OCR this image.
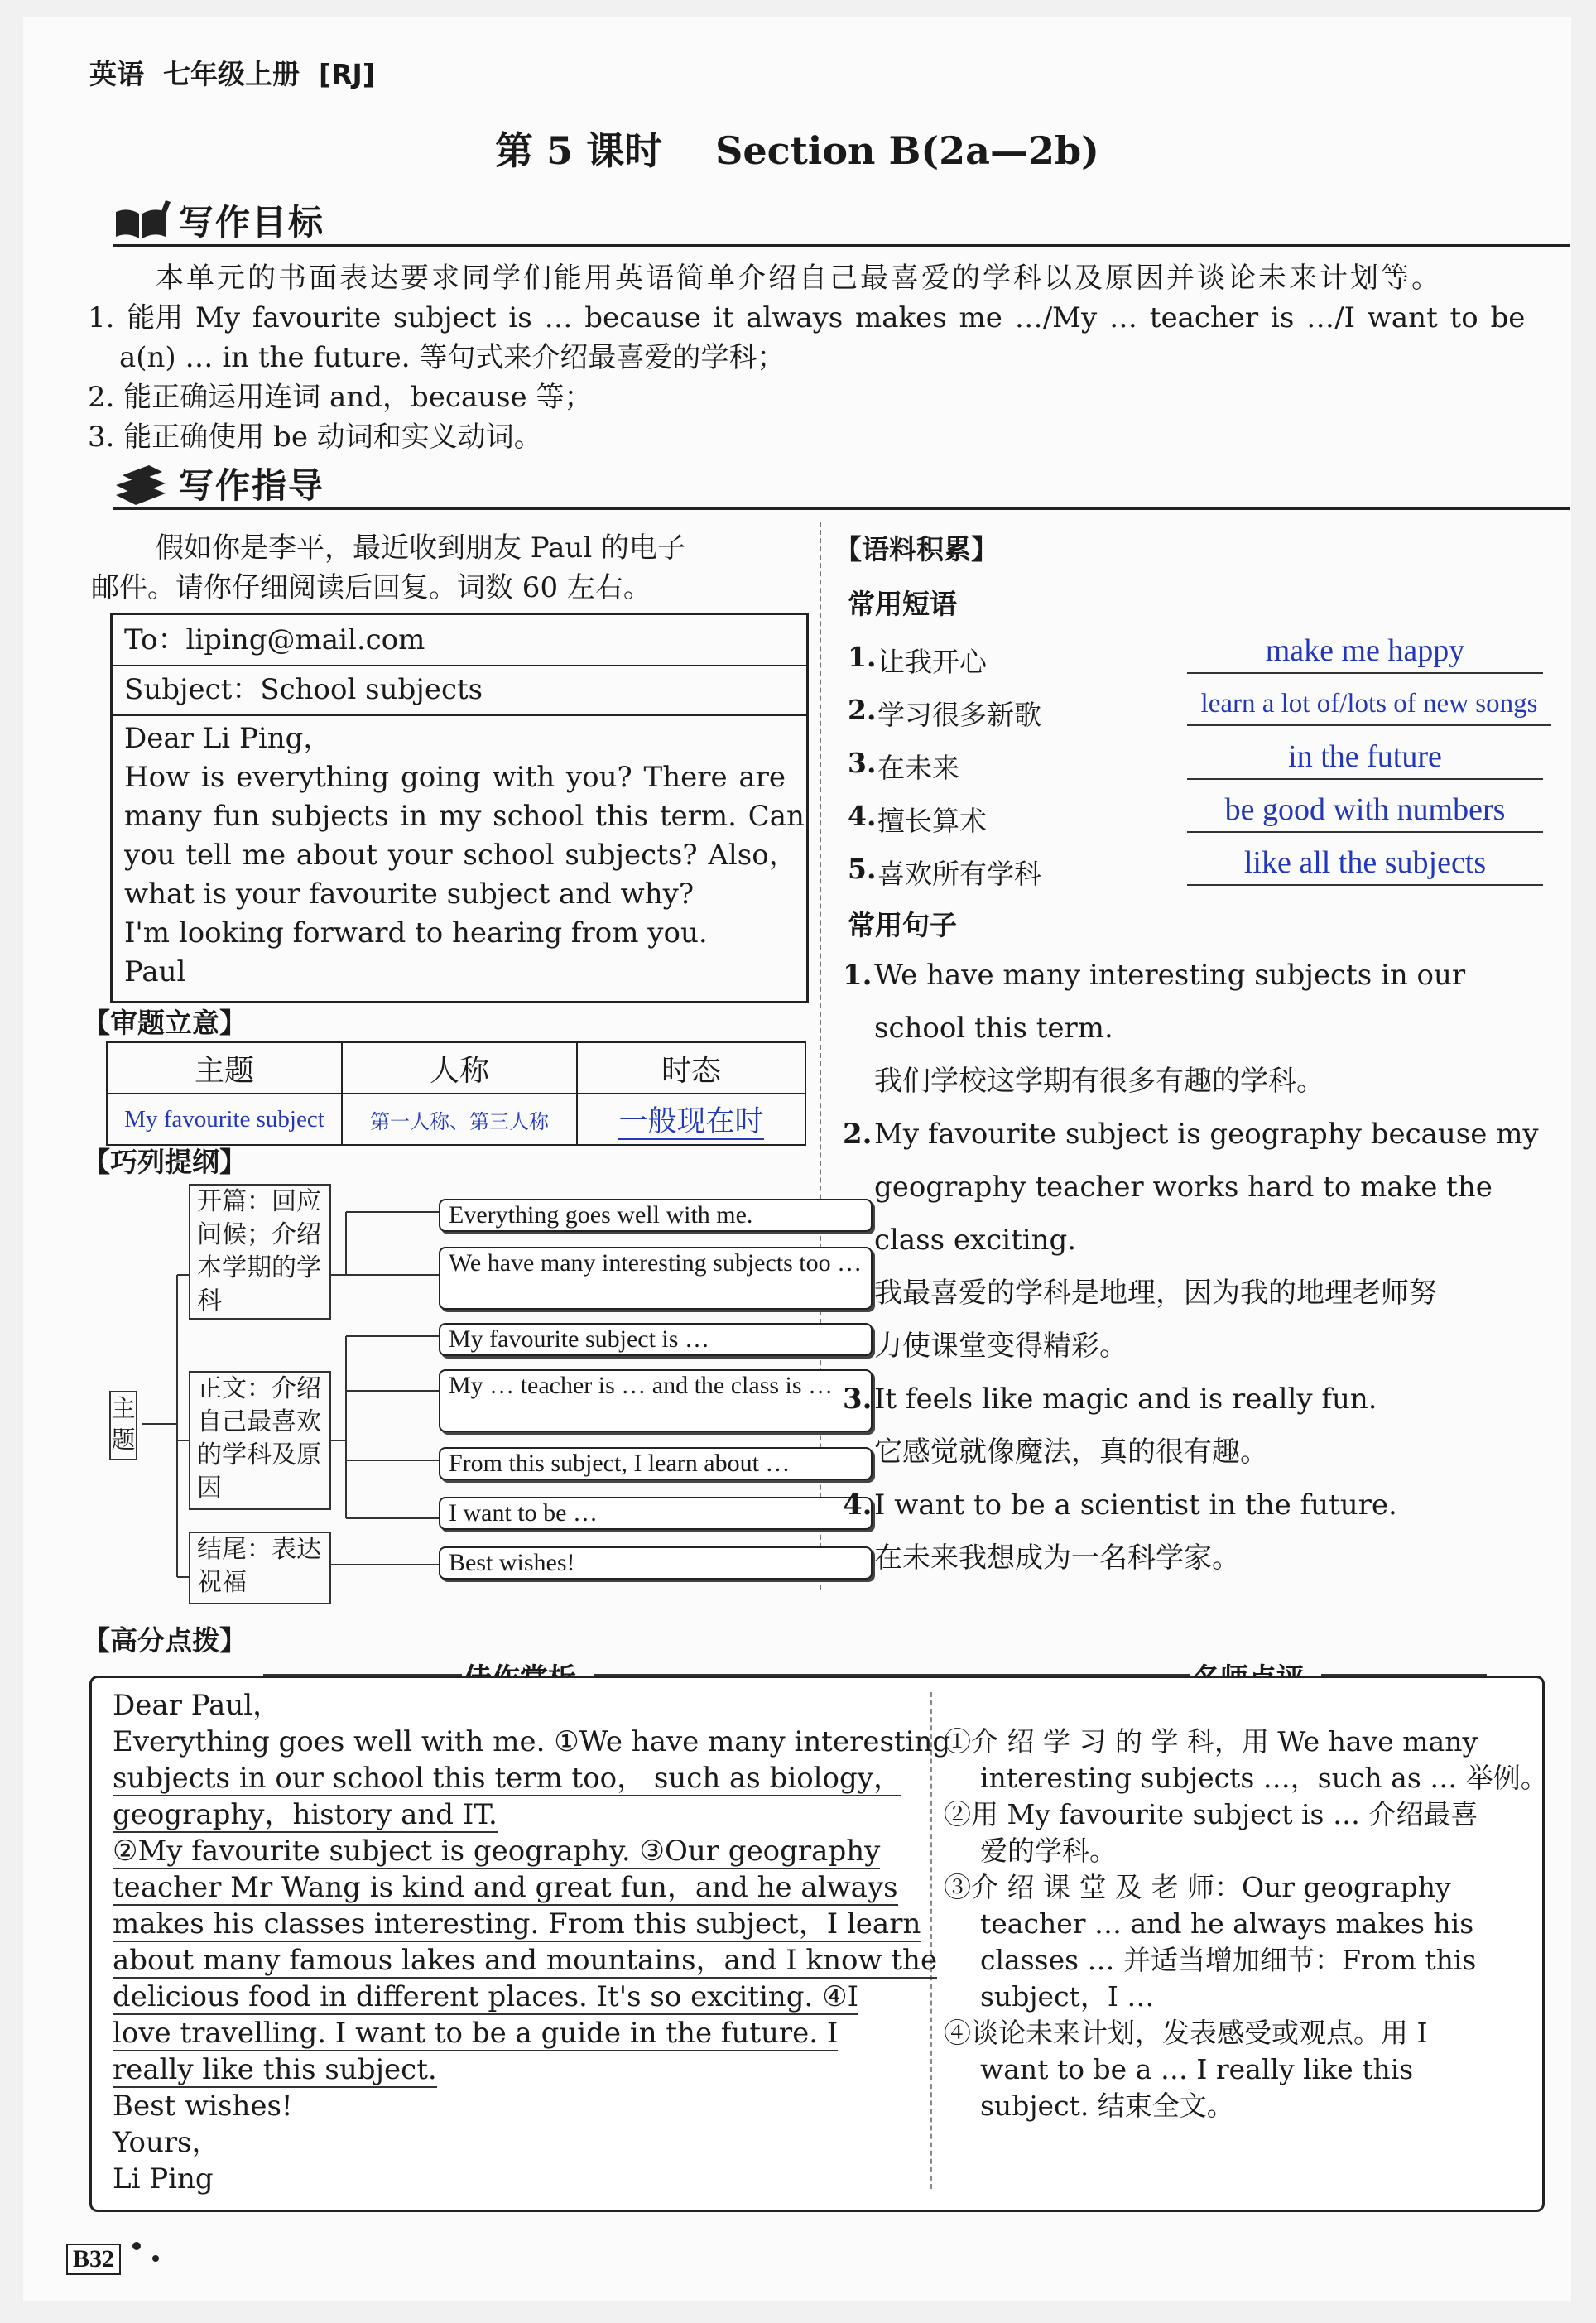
英语  七年级上册  [RJ]
第 5 课时    Section B(2a—2b)
写作目标
本单元的书面表达要求同学们能用英语简单介绍自己最喜爱的学科以及原因并谈论未来计划等。
1. 能用 My favourite subject is … because it always makes me …/My … teacher is …/I want to be
a(n) … in the future. 等句式来介绍最喜爱的学科；
2. 能正确运用连词 and，because 等；
3. 能正确使用 be 动词和实义动词。
写作指导
假如你是李平，最近收到朋友 Paul 的电子
邮件。请你仔细阅读后回复。词数 60 左右。
To：liping@mail.com
Subject：School subjects
Dear Li Ping，
How is everything going with you? There are
many fun subjects in my school this term. Can
you tell me about your school subjects? Also，
what is your favourite subject and why?
I'm looking forward to hearing from you.
Paul
【审题立意】
主题	人称	时态
My favourite subject	第一人称、第三人称	一般现在时
【巧列提纲】
主题
开篇：回应问候；介绍本学期的学科
正文：介绍自己最喜欢的学科及原因
结尾：表达祝福
Everything goes well with me.
We have many interesting subjects too …
My favourite subject is …
My … teacher is … and the class is …
From this subject, I learn about …
I want to be …
Best wishes!
【语料积累】
常用短语
1. 让我开心	make me happy
2. 学习很多新歌	learn a lot of/lots of new songs
3. 在未来	in the future
4. 擅长算术	be good with numbers
5. 喜欢所有学科	like all the subjects
常用句子
1. We have many interesting subjects in our
school this term.
我们学校这学期有很多有趣的学科。
2. My favourite subject is geography because my
geography teacher works hard to make the
class exciting.
我最喜爱的学科是地理，因为我的地理老师努
力使课堂变得精彩。
3. It feels like magic and is really fun.
它感觉就像魔法，真的很有趣。
4. I want to be a scientist in the future.
在未来我想成为一名科学家。
【高分点拨】
Dear Paul，
Everything goes well with me. ①We have many interesting
subjects in our school this term too， such as biology，
geography，history and IT.
②My favourite subject is geography. ③Our geography
teacher Mr Wang is kind and great fun，and he always
makes his classes interesting. From this subject，I learn
about many famous lakes and mountains，and I know the
delicious food in different places. It's so exciting. ④I
love travelling. I want to be a guide in the future. I
really like this subject.
Best wishes!
Yours，
Li Ping
①介 绍 学 习 的 学 科，用 We have many
interesting subjects …，such as … 举例。
②用 My favourite subject is … 介绍最喜
爱的学科。
③介 绍 课 堂 及 老 师：Our geography
teacher … and he always makes his
classes … 并适当增加细节：From this
subject，I …
④谈论未来计划，发表感受或观点。用 I
want to be a … I really like this
subject. 结束全文。
B32
